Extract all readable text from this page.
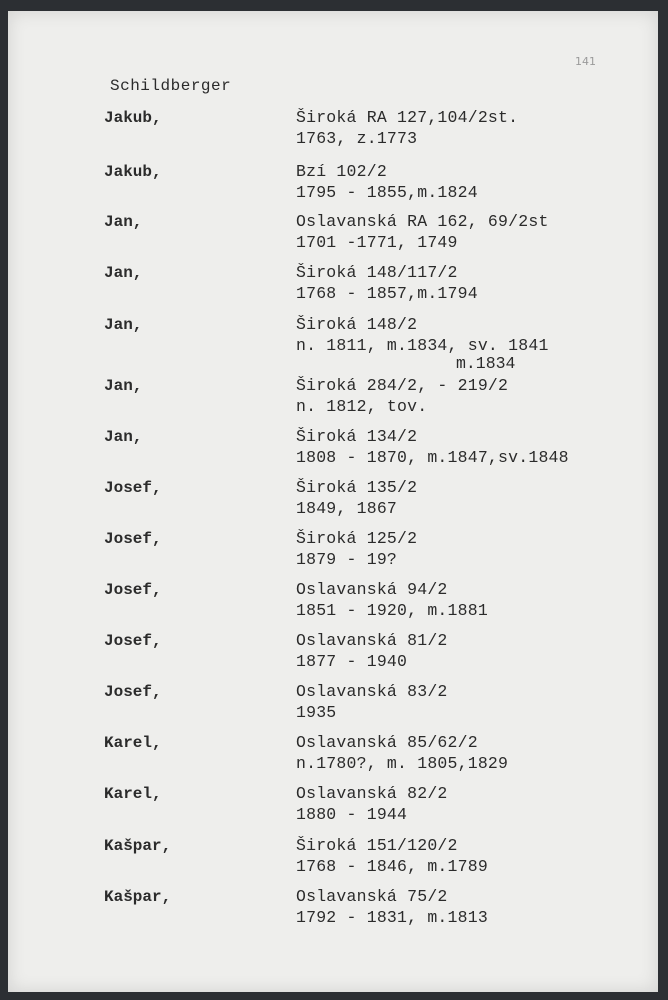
141
Schildberger
Jakub,	Široká RA 127,104/2st.
1763, z.1773
Jakub,	Bzí 102/2
1795 - 1855,m.1824
Jan,	Oslavanská RA 162, 69/2st
1701 -1771, 1749
Jan,	Široká 148/117/2
1768 - 1857,m.1794
Jan,	Široká 148/2
n. 1811, m.1834, sv. 1841
m.1834
Jan,	Široká 284/2, - 219/2
n. 1812, tov.
Jan,	Široká 134/2
1808 - 1870, m.1847,sv.1848
Josef,	Široká 135/2
1849, 1867
Josef,	Široká 125/2
1879 - 19?
Josef,	Oslavanská 94/2
1851 - 1920, m.1881
Josef,	Oslavanská 81/2
1877 - 1940
Josef,	Oslavanská 83/2
1935
Karel,	Oslavanská 85/62/2
n.1780?, m. 1805,1829
Karel,	Oslavanská 82/2
1880 - 1944
Kašpar,	Široká 151/120/2
1768 - 1846, m.1789
Kašpar,	Oslavanská 75/2
1792 - 1831, m.1813
